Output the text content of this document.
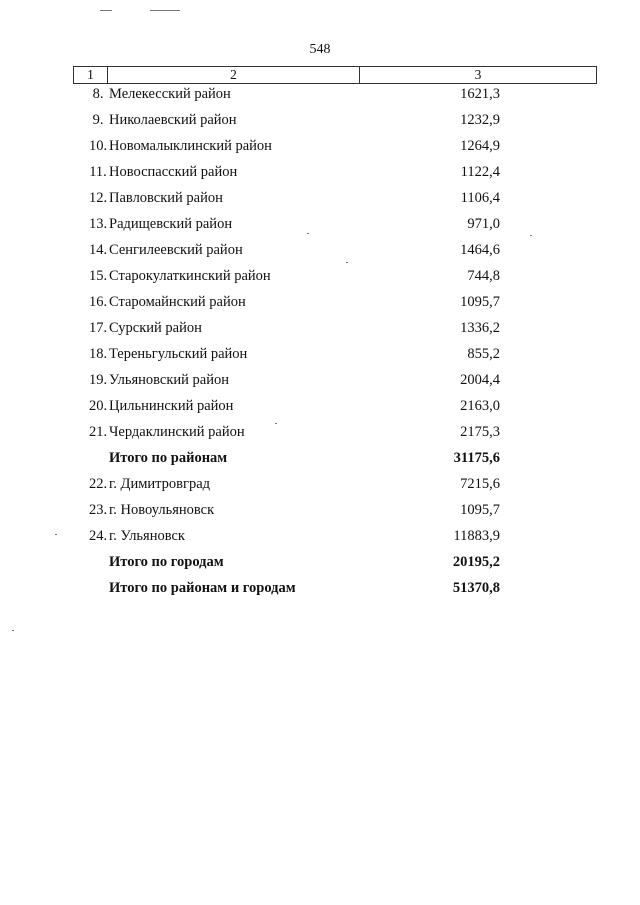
548
1	2	3
8. Мелекесский район	1621,3
9. Николаевский район	1232,9
10. Новомалыклинский район	1264,9
11. Новоспасский район	1122,4
12. Павловский район	1106,4
13. Радищевский район	971,0
14. Сенгилеевский район	1464,6
15. Старокулаткинский район	744,8
16. Старомайнский район	1095,7
17. Сурский район	1336,2
18. Тереньгульский район	855,2
19. Ульяновский район	2004,4
20. Цильнинский район	2163,0
21. Чердаклинский район	2175,3
Итого по районам	31175,6
22. г. Димитровград	7215,6
23. г. Новоульяновск	1095,7
24. г. Ульяновск	11883,9
Итого по городам	20195,2
Итого по районам и городам	51370,8
